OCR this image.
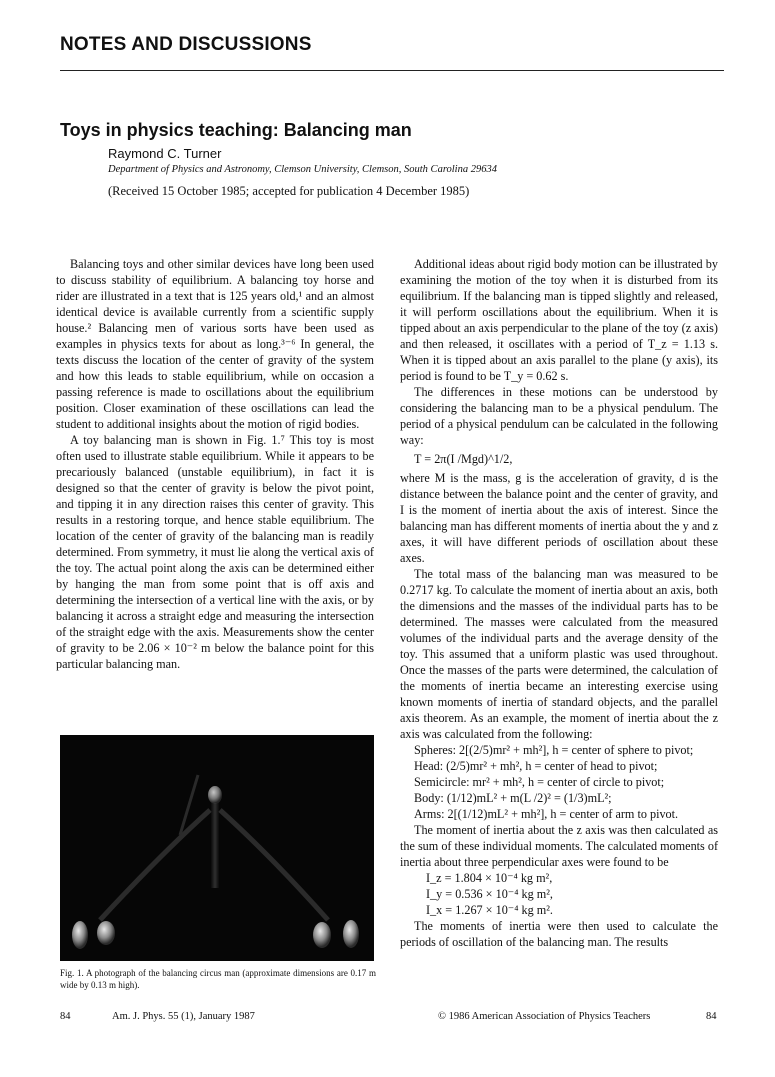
NOTES AND DISCUSSIONS
Toys in physics teaching: Balancing man
Raymond C. Turner
Department of Physics and Astronomy, Clemson University, Clemson, South Carolina 29634
(Received 15 October 1985; accepted for publication 4 December 1985)

Balancing toys and other similar devices have long been used to discuss stability of equilibrium. A balancing toy horse and rider are illustrated in a text that is 125 years old,¹ and an almost identical device is available currently from a scientific supply house.² Balancing men of various sorts have been used as examples in physics texts for about as long.³⁻⁶ In general, the texts discuss the location of the center of gravity of the system and how this leads to stable equilibrium, while on occasion a passing reference is made to oscillations about the equilibrium position. Closer examination of these oscillations can lead the student to additional insights about the motion of rigid bodies.

A toy balancing man is shown in Fig. 1.⁷ This toy is most often used to illustrate stable equilibrium. While it appears to be precariously balanced (unstable equilibrium), in fact it is designed so that the center of gravity is below the pivot point, and tipping it in any direction raises this center of gravity. This results in a restoring torque, and hence stable equilibrium. The location of the center of gravity of the balancing man is readily determined. From symmetry, it must lie along the vertical axis of the toy. The actual point along the axis can be determined either by hanging the man from some point that is off axis and determining the intersection of a vertical line with the axis, or by balancing it across a straight edge and measuring the intersection of the straight edge with the axis. Measurements show the center of gravity to be 2.06 × 10⁻² m below the balance point for this particular balancing man.

Fig. 1. A photograph of the balancing circus man (approximate dimensions are 0.17 m wide by 0.13 m high).

Additional ideas about rigid body motion can be illustrated by examining the motion of the toy when it is disturbed from its equilibrium. If the balancing man is tipped slightly and released, it will perform oscillations about the equilibrium. When it is tipped about an axis perpendicular to the plane of the toy (z axis) and then released, it oscillates with a period of T_z = 1.13 s. When it is tipped about an axis parallel to the plane (y axis), its period is found to be T_y = 0.62 s.

The differences in these motions can be understood by considering the balancing man to be a physical pendulum. The period of a physical pendulum can be calculated in the following way:

T = 2π(I /Mgd)^1/2,

where M is the mass, g is the acceleration of gravity, d is the distance between the balance point and the center of gravity, and I is the moment of inertia about the axis of interest. Since the balancing man has different moments of inertia about the y and z axes, it will have different periods of oscillation about these axes.

The total mass of the balancing man was measured to be 0.2717 kg. To calculate the moment of inertia about an axis, both the dimensions and the masses of the individual parts has to be determined. The masses were calculated from the measured volumes of the individual parts and the average density of the toy. This assumed that a uniform plastic was used throughout. Once the masses of the parts were determined, the calculation of the moments of inertia became an interesting exercise using known moments of inertia of standard objects, and the parallel axis theorem. As an example, the moment of inertia about the z axis was calculated from the following:

Spheres: 2[(2/5)mr² + mh²], h = center of sphere to pivot;

Head: (2/5)mr² + mh², h = center of head to pivot;

Semicircle: mr² + mh², h = center of circle to pivot;

Body: (1/12)mL² + m(L /2)² = (1/3)mL²;

Arms: 2[(1/12)mL² + mh²], h = center of arm to pivot.

The moment of inertia about the z axis was then calculated as the sum of these individual moments. The calculated moments of inertia about three perpendicular axes were found to be

I_z = 1.804 × 10⁻⁴ kg m²,

I_y = 0.536 × 10⁻⁴ kg m²,

I_x = 1.267 × 10⁻⁴ kg m².

The moments of inertia were then used to calculate the periods of oscillation of the balancing man. The results

84	Am. J. Phys. 55 (1), January 1987	© 1986 American Association of Physics Teachers	84
